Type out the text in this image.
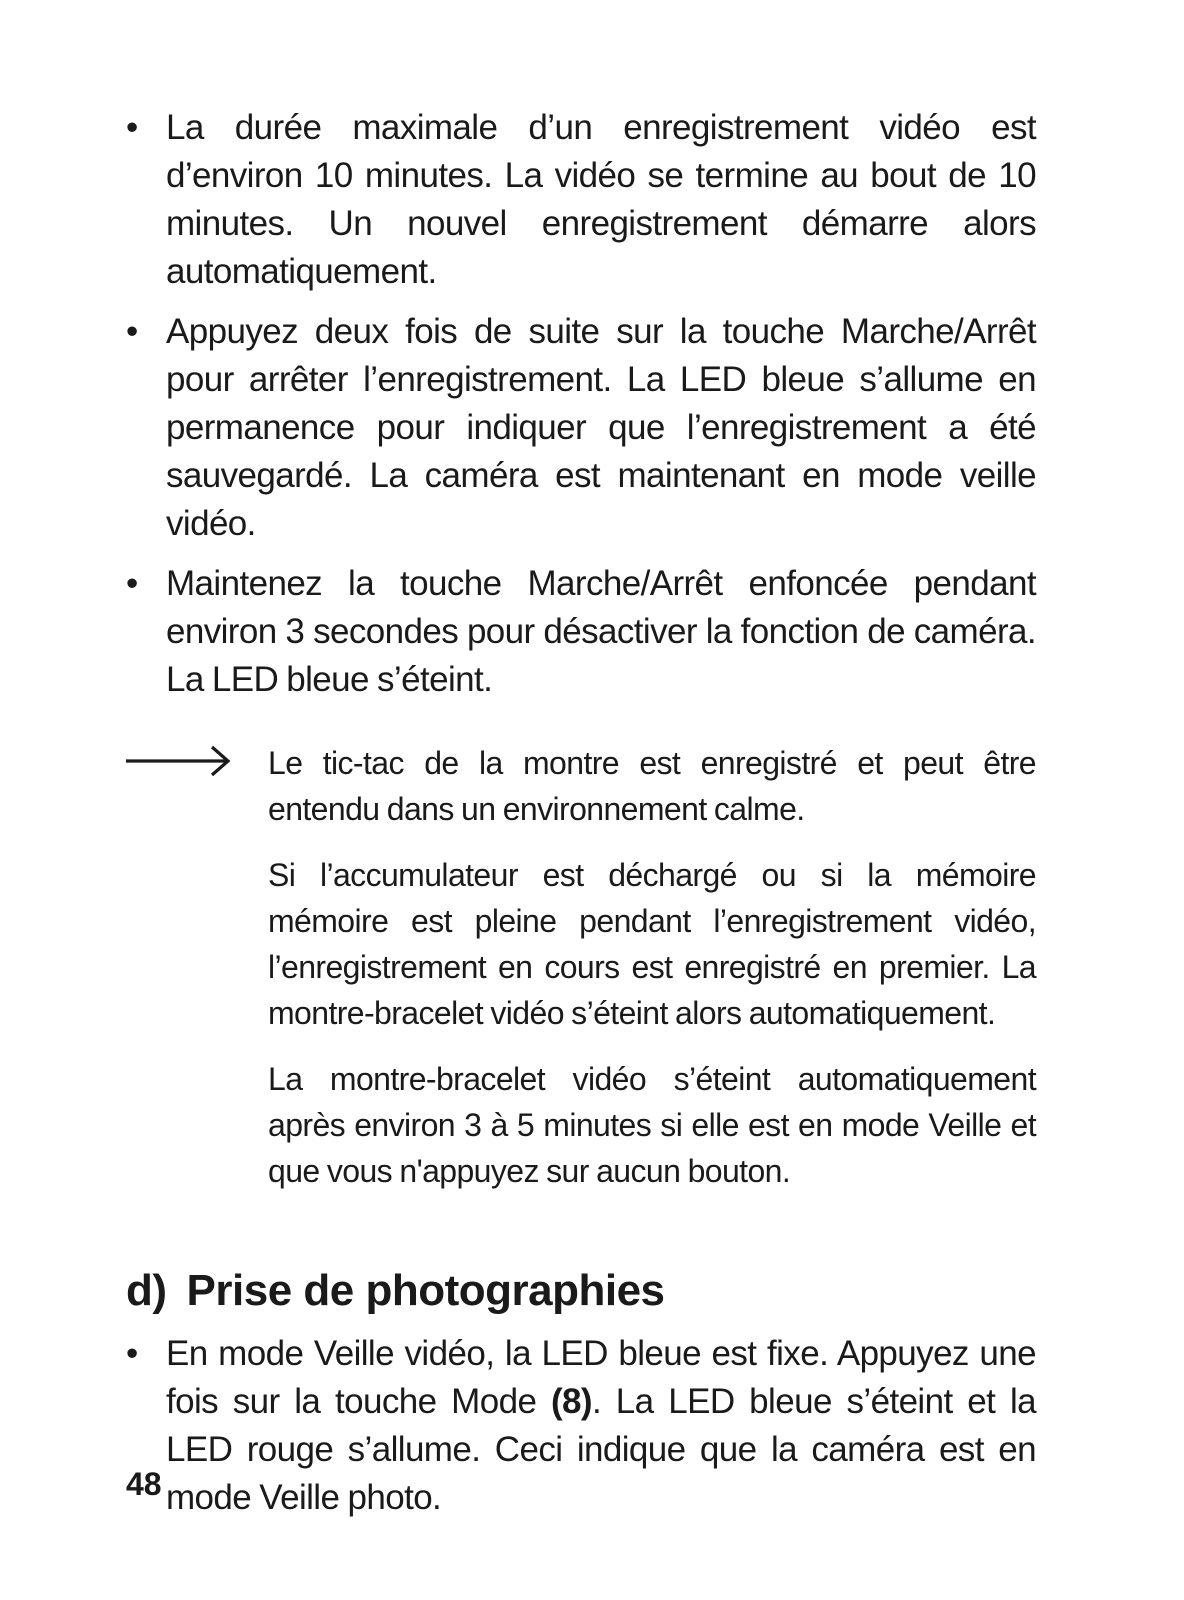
• La durée maximale d’un enregistrement vidéo est d’environ 10 minutes. La vidéo se termine au bout de 10 minutes. Un nouvel enregistrement démarre alors automatiquement.
• Appuyez deux fois de suite sur la touche Marche/Arrêt pour arrêter l’enregistrement. La LED bleue s’allume en permanence pour indiquer que l’enregistrement a été sauvegardé. La caméra est maintenant en mode veille vidéo.
• Maintenez la touche Marche/Arrêt enfoncée pendant environ 3 secondes pour désactiver la fonction de caméra. La LED bleue s’éteint.

Le tic-tac de la montre est enregistré et peut être entendu dans un environnement calme.

Si l’accumulateur est déchargé ou si la mémoire mémoire est pleine pendant l’enregistrement vidéo, l’enregistrement en cours est enregistré en premier. La montre-bracelet vidéo s’éteint alors automatiquement.

La montre-bracelet vidéo s’éteint automatiquement après environ 3 à 5 minutes si elle est en mode Veille et que vous n'appuyez sur aucun bouton.

d) Prise de photographies
• En mode Veille vidéo, la LED bleue est fixe. Appuyez une fois sur la touche Mode (8). La LED bleue s’éteint et la LED rouge s’allume. Ceci indique que la caméra est en mode Veille photo.
48
